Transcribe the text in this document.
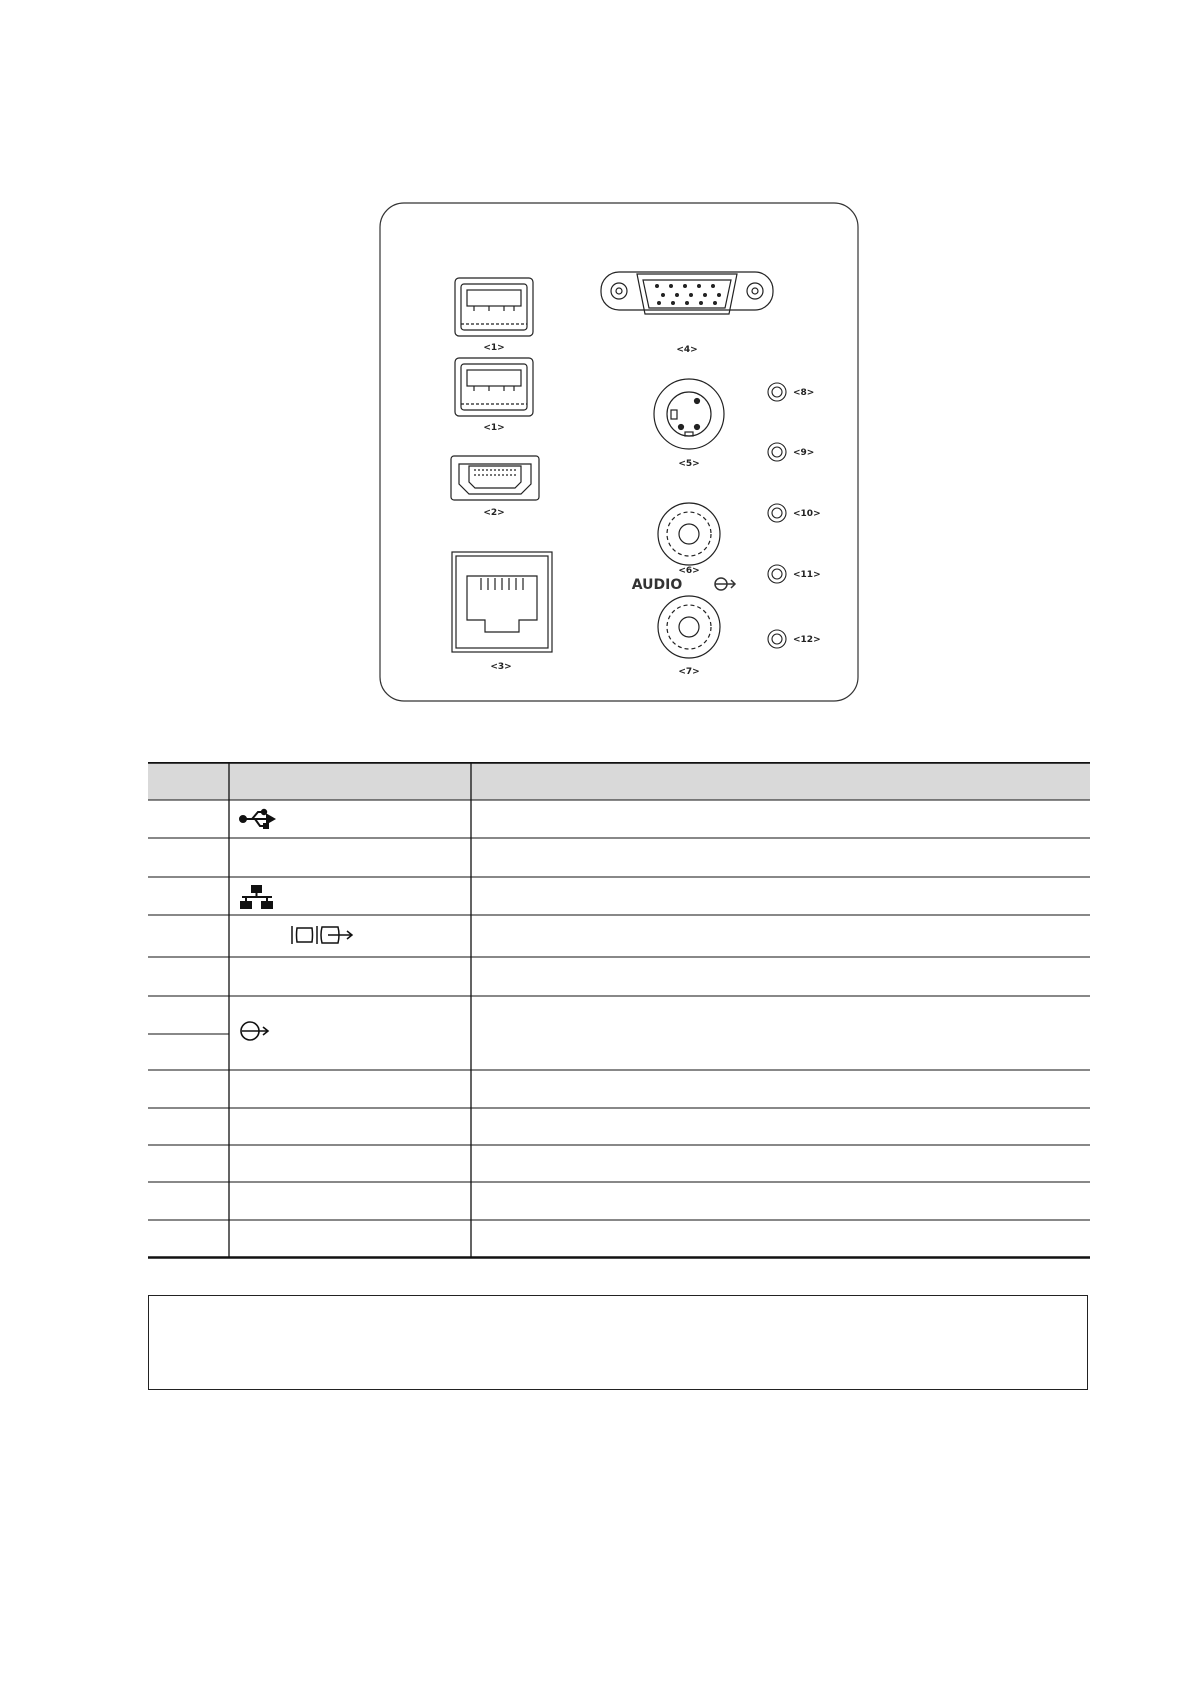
<1>
<1>
<2>
<3>
<4>
<5>
<6>
AUDIO
<7>
<8>
<9>
<10>
<11>
<12>
